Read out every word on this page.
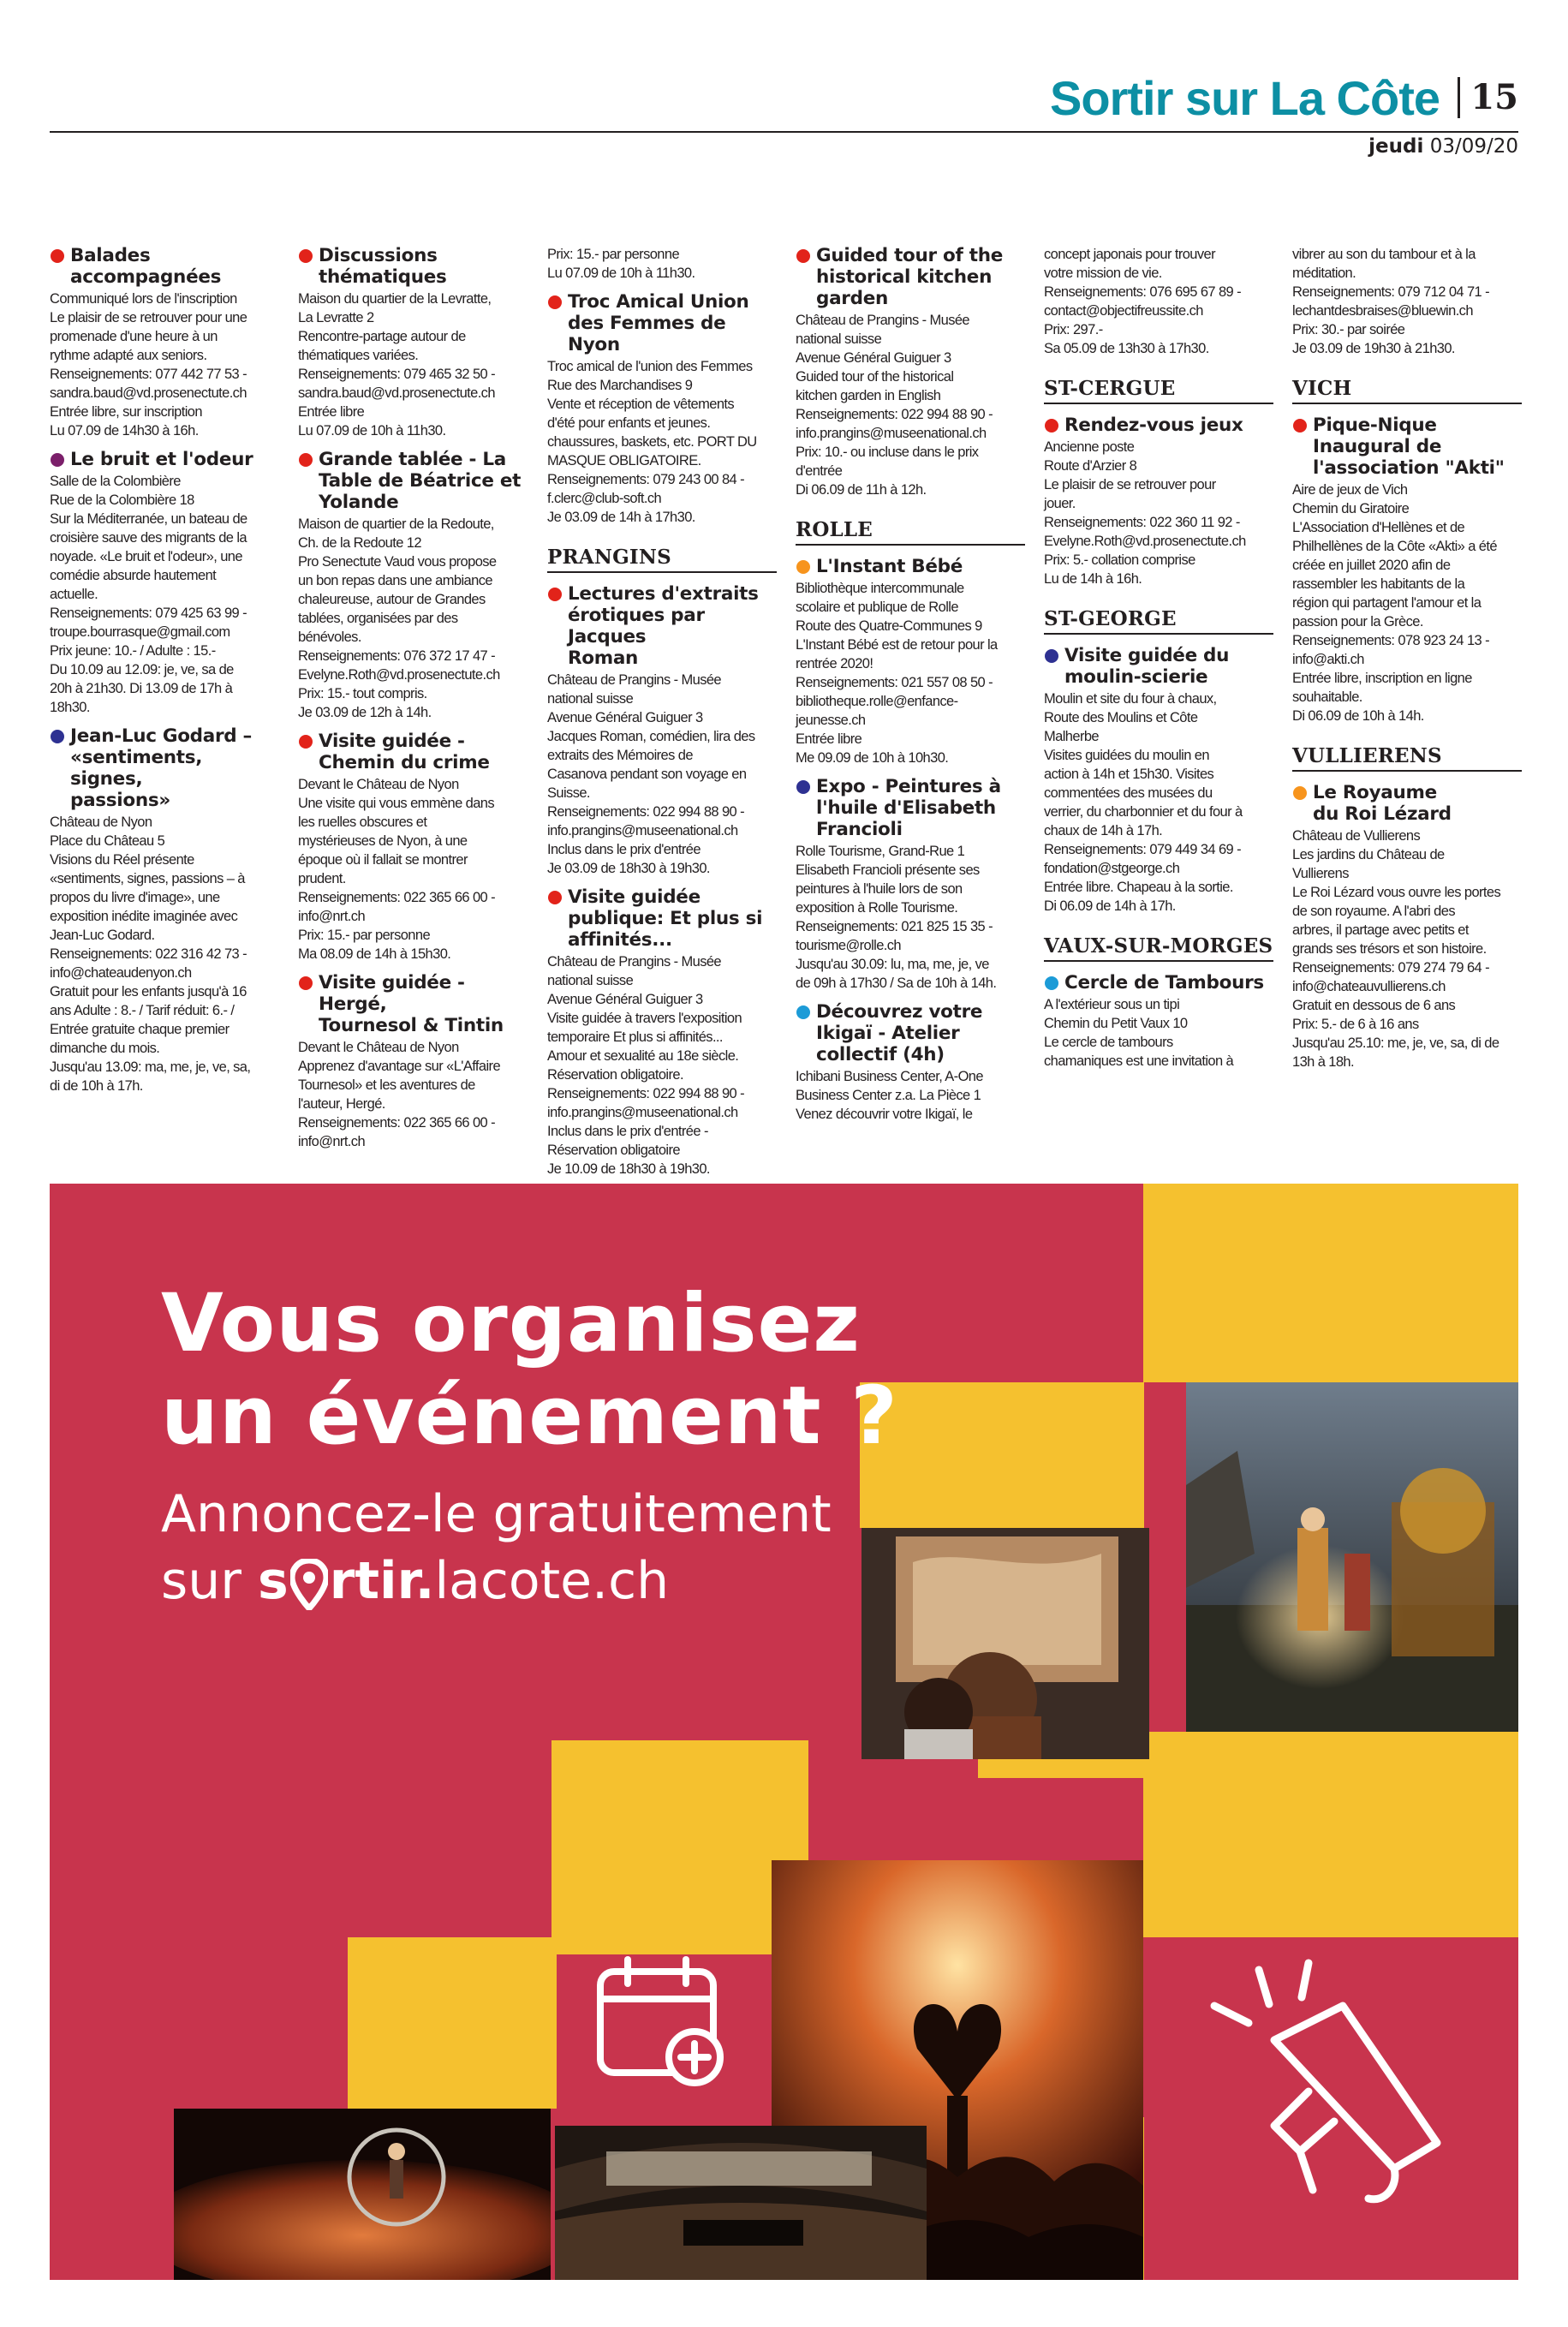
Sortir sur La Côte 15
jeudi 03/09/20
Balades
accompagnées
Communiqué lors de l'inscription
Le plaisir de se retrouver pour une
promenade d'une heure à un
rythme adapté aux seniors.
Renseignements: 077 442 77 53 -
sandra.baud@vd.prosenectute.ch
Entrée libre, sur inscription
Lu 07.09 de 14h30 à 16h.
Le bruit et l'odeur
Salle de la Colombière
Rue de la Colombière 18
Sur la Méditerranée, un bateau de
croisière sauve des migrants de la
noyade. «Le bruit et l'odeur», une
comédie absurde hautement
actuelle.
Renseignements: 079 425 63 99 -
troupe.bourrasque@gmail.com
Prix jeune: 10.- / Adulte : 15.-
Du 10.09 au 12.09: je, ve, sa de
20h à 21h30. Di 13.09 de 17h à
18h30.
Jean-Luc Godard –
«sentiments, signes,
passions»
Château de Nyon
Place du Château 5
Visions du Réel présente
«sentiments, signes, passions – à
propos du livre d'image», une
exposition inédite imaginée avec
Jean-Luc Godard.
Renseignements: 022 316 42 73 -
info@chateaudenyon.ch
Gratuit pour les enfants jusqu'à 16
ans Adulte : 8.- / Tarif réduit: 6.- /
Entrée gratuite chaque premier
dimanche du mois.
Jusqu'au 13.09: ma, me, je, ve, sa,
di de 10h à 17h.
Discussions
thématiques
Maison du quartier de la Levratte,
La Levratte 2
Rencontre-partage autour de
thématiques variées.
Renseignements: 079 465 32 50 -
sandra.baud@vd.prosenectute.ch
Entrée libre
Lu 07.09 de 10h à 11h30.
Grande tablée - La
Table de Béatrice et
Yolande
Maison de quartier de la Redoute,
Ch. de la Redoute 12
Pro Senectute Vaud vous propose
un bon repas dans une ambiance
chaleureuse, autour de Grandes
tablées, organisées par des
bénévoles.
Renseignements: 076 372 17 47 -
Evelyne.Roth@vd.prosenectute.ch
Prix: 15.- tout compris.
Je 03.09 de 12h à 14h.
Visite guidée -
Chemin du crime
Devant le Château de Nyon
Une visite qui vous emmène dans
les ruelles obscures et
mystérieuses de Nyon, à une
époque où il fallait se montrer
prudent.
Renseignements: 022 365 66 00 -
info@nrt.ch
Prix: 15.- par personne
Ma 08.09 de 14h à 15h30.
Visite guidée - Hergé,
Tournesol & Tintin
Devant le Château de Nyon
Apprenez d'avantage sur «L'Affaire
Tournesol» et les aventures de
l'auteur, Hergé.
Renseignements: 022 365 66 00 -
info@nrt.ch
Prix: 15.- par personne
Lu 07.09 de 10h à 11h30.
Troc Amical Union
des Femmes de Nyon
Troc amical de l'union des Femmes
Rue des Marchandises 9
Vente et réception de vêtements
d'été pour enfants et jeunes.
chaussures, baskets, etc. PORT DU
MASQUE OBLIGATOIRE.
Renseignements: 079 243 00 84 -
f.clerc@club-soft.ch
Je 03.09 de 14h à 17h30.
PRANGINS
Lectures d'extraits
érotiques par Jacques
Roman
Château de Prangins - Musée
national suisse
Avenue Général Guiguer 3
Jacques Roman, comédien, lira des
extraits des Mémoires de
Casanova pendant son voyage en
Suisse.
Renseignements: 022 994 88 90 -
info.prangins@museenational.ch
Inclus dans le prix d'entrée
Je 03.09 de 18h30 à 19h30.
Visite guidée
publique: Et plus si
affinités...
Château de Prangins - Musée
national suisse
Avenue Général Guiguer 3
Visite guidée à travers l'exposition
temporaire Et plus si affinités...
Amour et sexualité au 18e siècle.
Réservation obligatoire.
Renseignements: 022 994 88 90 -
info.prangins@museenational.ch
Inclus dans le prix d'entrée -
Réservation obligatoire
Je 10.09 de 18h30 à 19h30.
Guided tour of the
historical kitchen
garden
Château de Prangins - Musée
national suisse
Avenue Général Guiguer 3
Guided tour of the historical
kitchen garden in English
Renseignements: 022 994 88 90 -
info.prangins@museenational.ch
Prix: 10.- ou incluse dans le prix
d'entrée
Di 06.09 de 11h à 12h.
ROLLE
L'Instant Bébé
Bibliothèque intercommunale
scolaire et publique de Rolle
Route des Quatre-Communes 9
L'Instant Bébé est de retour pour la
rentrée 2020!
Renseignements: 021 557 08 50 -
bibliotheque.rolle@enfance-
jeunesse.ch
Entrée libre
Me 09.09 de 10h à 10h30.
Expo - Peintures à
l'huile d'Elisabeth
Francioli
Rolle Tourisme, Grand-Rue 1
Elisabeth Francioli présente ses
peintures à l'huile lors de son
exposition à Rolle Tourisme.
Renseignements: 021 825 15 35 -
tourisme@rolle.ch
Jusqu'au 30.09: lu, ma, me, je, ve
de 09h à 17h30 / Sa de 10h à 14h.
Découvrez votre
Ikigaï - Atelier
collectif (4h)
Ichibani Business Center, A-One
Business Center z.a. La Pièce 1
Venez découvrir votre Ikigaï, le
concept japonais pour trouver
votre mission de vie.
Renseignements: 076 695 67 89 -
contact@objectifreussite.ch
Prix: 297.-
Sa 05.09 de 13h30 à 17h30.
ST-CERGUE
Rendez-vous jeux
Ancienne poste
Route d'Arzier 8
Le plaisir de se retrouver pour
jouer.
Renseignements: 022 360 11 92 -
Evelyne.Roth@vd.prosenectute.ch
Prix: 5.- collation comprise
Lu de 14h à 16h.
ST-GEORGE
Visite guidée du
moulin-scierie
Moulin et site du four à chaux,
Route des Moulins et Côte
Malherbe
Visites guidées du moulin en
action à 14h et 15h30. Visites
commentées des musées du
verrier, du charbonnier et du four à
chaux de 14h à 17h.
Renseignements: 079 449 34 69 -
fondation@stgeorge.ch
Entrée libre. Chapeau à la sortie.
Di 06.09 de 14h à 17h.
VAUX-SUR-MORGES
Cercle de Tambours
A l'extérieur sous un tipi
Chemin du Petit Vaux 10
Le cercle de tambours
chamaniques est une invitation à
vibrer au son du tambour et à la
méditation.
Renseignements: 079 712 04 71 -
lechantdesbraises@bluewin.ch
Prix: 30.- par soirée
Je 03.09 de 19h30 à 21h30.
VICH
Pique-Nique
Inaugural de
l'association "Akti"
Aire de jeux de Vich
Chemin du Giratoire
L'Association d'Hellènes et de
Philhellènes de la Côte «Akti» a été
créée en juillet 2020 afin de
rassembler les habitants de la
région qui partagent l'amour et la
passion pour la Grèce.
Renseignements: 078 923 24 13 -
info@akti.ch
Entrée libre, inscription en ligne
souhaitable.
Di 06.09 de 10h à 14h.
VULLIERENS
Le Royaume
du Roi Lézard
Château de Vullierens
Les jardins du Château de
Vullierens
Le Roi Lézard vous ouvre les portes
de son royaume. A l'abri des
arbres, il partage avec petits et
grands ses trésors et son histoire.
Renseignements: 079 274 79 64 -
info@chateauvullierens.ch
Gratuit en dessous de 6 ans
Prix: 5.- de 6 à 16 ans
Jusqu'au 25.10: me, je, ve, sa, di de
13h à 18h.
Vous organisez
un événement ?
Annoncez-le gratuitement
sur s rtir.lacote.ch
